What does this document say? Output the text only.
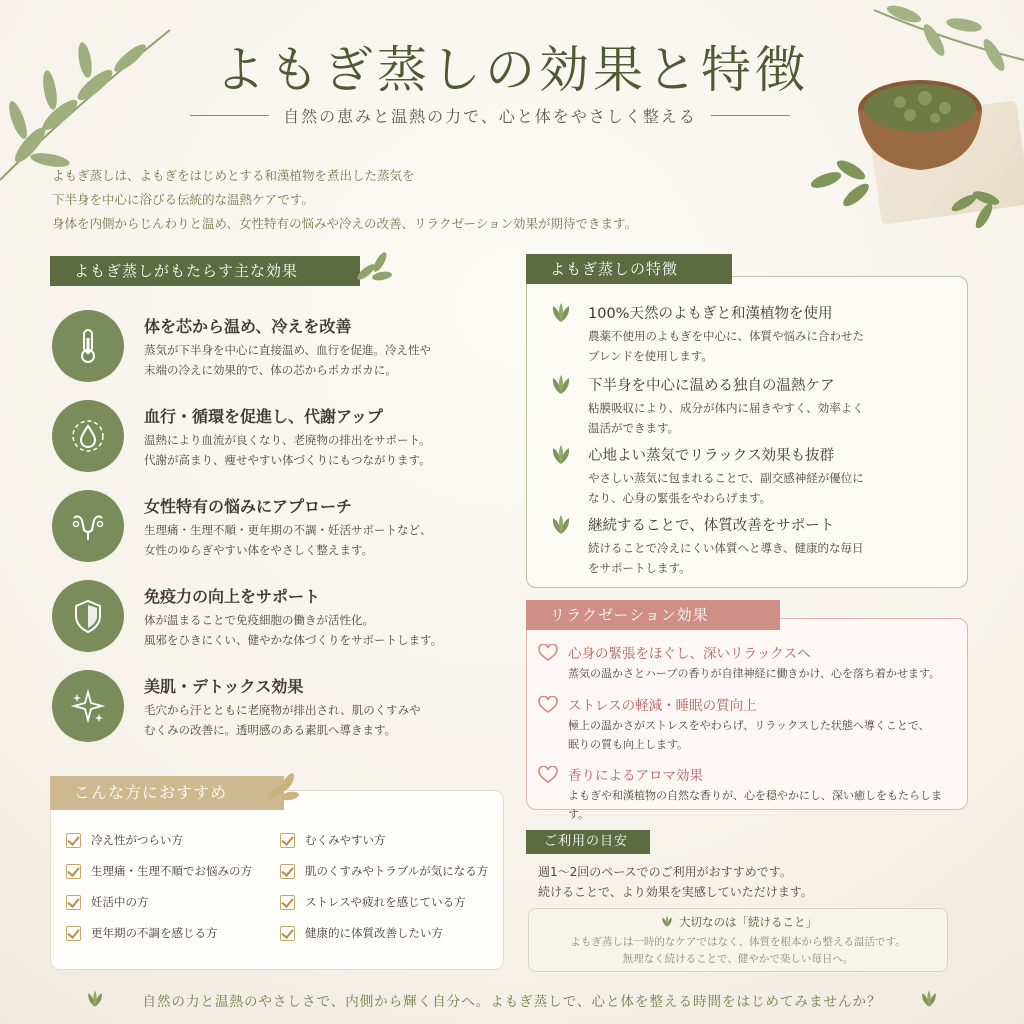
よもぎ蒸しの効果と特徴
自然の恵みと温熱の力で、心と体をやさしく整える
よもぎ蒸しは、よもぎをはじめとする和漢植物を煮出した蒸気を
下半身を中心に浴びる伝統的な温熱ケアです。
身体を内側からじんわりと温め、女性特有の悩みや冷えの改善、リラクゼーション効果が期待できます。
よもぎ蒸しがもたらす主な効果
体を芯から温め、冷えを改善
蒸気が下半身を中心に直接温め、血行を促進。冷え性や
末端の冷えに効果的で、体の芯からポカポカに。
血行・循環を促進し、代謝アップ
温熱により血流が良くなり、老廃物の排出をサポート。
代謝が高まり、痩せやすい体づくりにもつながります。
女性特有の悩みにアプローチ
生理痛・生理不順・更年期の不調・妊活サポートなど、
女性のゆらぎやすい体をやさしく整えます。
免疫力の向上をサポート
体が温まることで免疫細胞の働きが活性化。
風邪をひきにくい、健やかな体づくりをサポートします。
美肌・デトックス効果
毛穴から汗とともに老廃物が排出され、肌のくすみや
むくみの改善に。透明感のある素肌へ導きます。
よもぎ蒸しの特徴
100%天然のよもぎと和漢植物を使用
農薬不使用のよもぎを中心に、体質や悩みに合わせた
ブレンドを使用します。
下半身を中心に温める独自の温熱ケア
粘膜吸収により、成分が体内に届きやすく、効率よく
温活ができます。
心地よい蒸気でリラックス効果も抜群
やさしい蒸気に包まれることで、副交感神経が優位に
なり、心身の緊張をやわらげます。
継続することで、体質改善をサポート
続けることで冷えにくい体質へと導き、健康的な毎日
をサポートします。
リラクゼーション効果
心身の緊張をほぐし、深いリラックスへ
蒸気の温かさとハーブの香りが自律神経に働きかけ、心を落ち着かせます。
ストレスの軽減・睡眠の質向上
極上の温かさがストレスをやわらげ、リラックスした状態へ導くことで、
眠りの質も向上します。
香りによるアロマ効果
よもぎや和漢植物の自然な香りが、心を穏やかにし、深い癒しをもたらします。
こんな方におすすめ
冷え性がつらい方
生理痛・生理不順でお悩みの方
妊活中の方
更年期の不調を感じる方
むくみやすい方
肌のくすみやトラブルが気になる方
ストレスや疲れを感じている方
健康的に体質改善したい方
ご利用の目安
週1〜2回のペースでのご利用がおすすめです。
続けることで、より効果を実感していただけます。
大切なのは「続けること」
よもぎ蒸しは一時的なケアではなく、体質を根本から整える温活です。
無理なく続けることで、健やかで楽しい毎日へ。
自然の力と温熱のやさしさで、内側から輝く自分へ。よもぎ蒸しで、心と体を整える時間をはじめてみませんか？
